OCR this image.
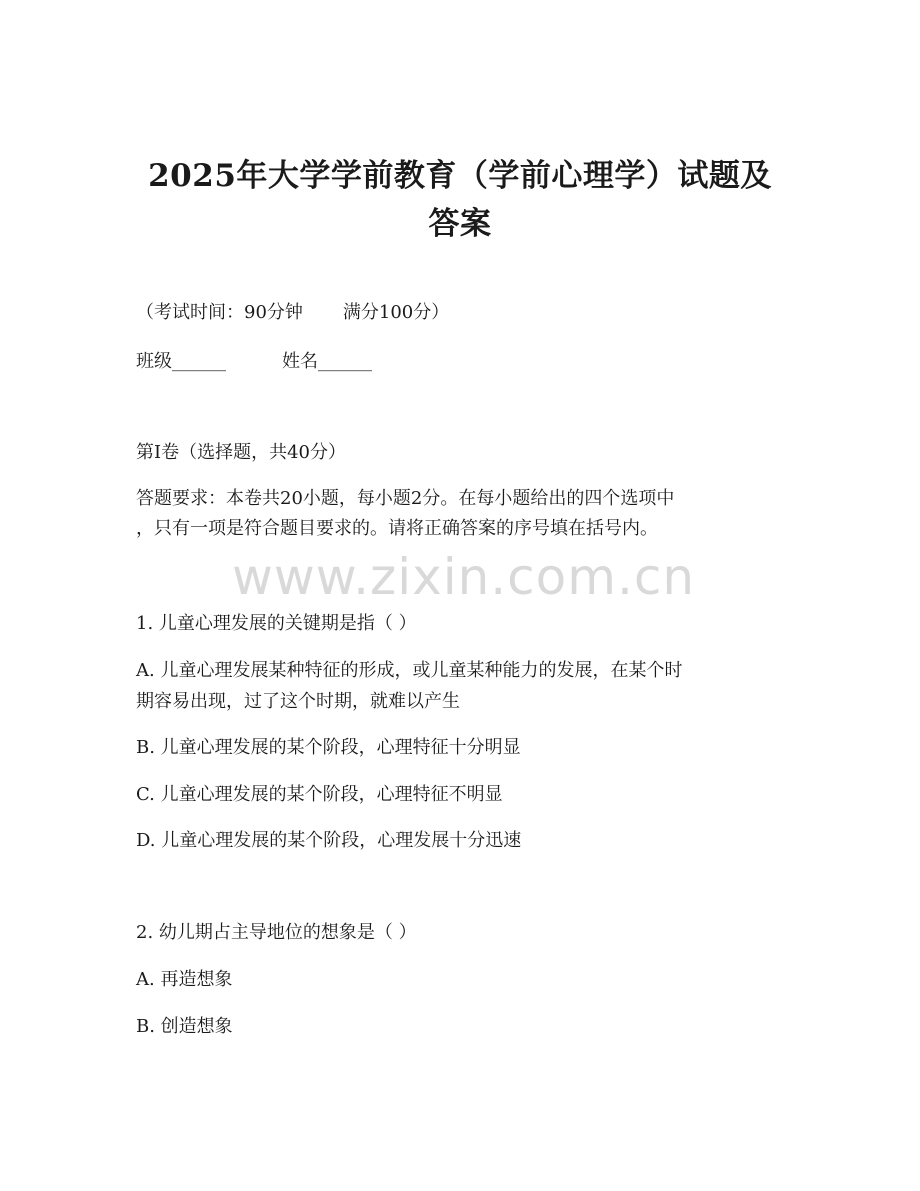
www.zixin.com.cn
2025年大学学前教育（学前心理学）试题及
答案
（考试时间：90分钟 满分100分）
班级______	姓名______
第I卷（选择题，共40分）
答题要求：本卷共20小题，每小题2分。在每小题给出的四个选项中
，只有一项是符合题目要求的。请将正确答案的序号填在括号内。
1. 儿童心理发展的关键期是指（ ）
A. 儿童心理发展某种特征的形成，或儿童某种能力的发展，在某个时
期容易出现，过了这个时期，就难以产生
B. 儿童心理发展的某个阶段，心理特征十分明显
C. 儿童心理发展的某个阶段，心理特征不明显
D. 儿童心理发展的某个阶段，心理发展十分迅速
2. 幼儿期占主导地位的想象是（ ）
A. 再造想象
B. 创造想象
